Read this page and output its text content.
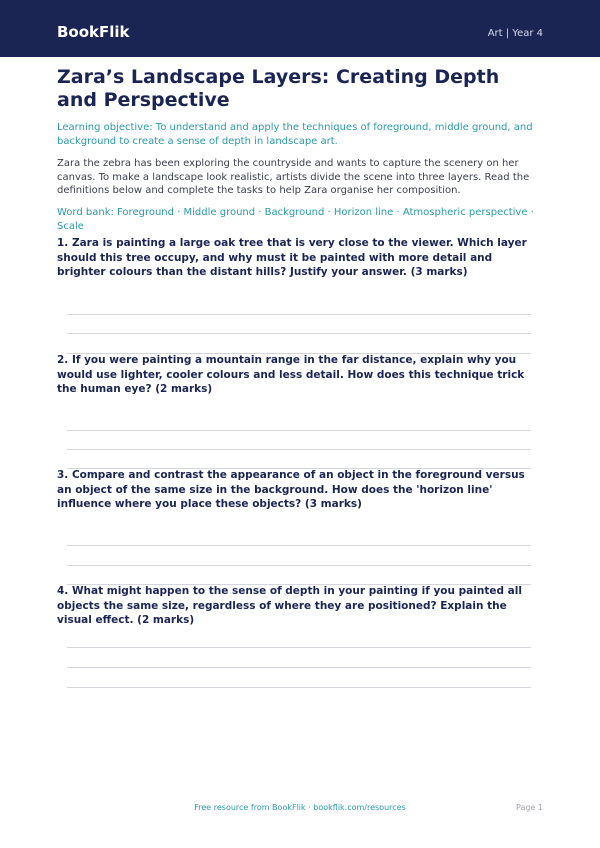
BookFlik	Art | Year 4
Zara’s Landscape Layers: Creating Depth and Perspective

Learning objective: To understand and apply the techniques of foreground, middle ground, and background to create a sense of depth in landscape art.

Zara the zebra has been exploring the countryside and wants to capture the scenery on her canvas. To make a landscape look realistic, artists divide the scene into three layers. Read the definitions below and complete the tasks to help Zara organise her composition.

Word bank: Foreground · Middle ground · Background · Horizon line · Atmospheric perspective · Scale

1. Zara is painting a large oak tree that is very close to the viewer. Which layer should this tree occupy, and why must it be painted with more detail and brighter colours than the distant hills? Justify your answer. (3 marks)

2. If you were painting a mountain range in the far distance, explain why you would use lighter, cooler colours and less detail. How does this technique trick the human eye? (2 marks)

3. Compare and contrast the appearance of an object in the foreground versus an object of the same size in the background. How does the 'horizon line' influence where you place these objects? (3 marks)

4. What might happen to the sense of depth in your painting if you painted all objects the same size, regardless of where they are positioned? Explain the visual effect. (2 marks)

Free resource from BookFlik · bookflik.com/resources	Page 1
